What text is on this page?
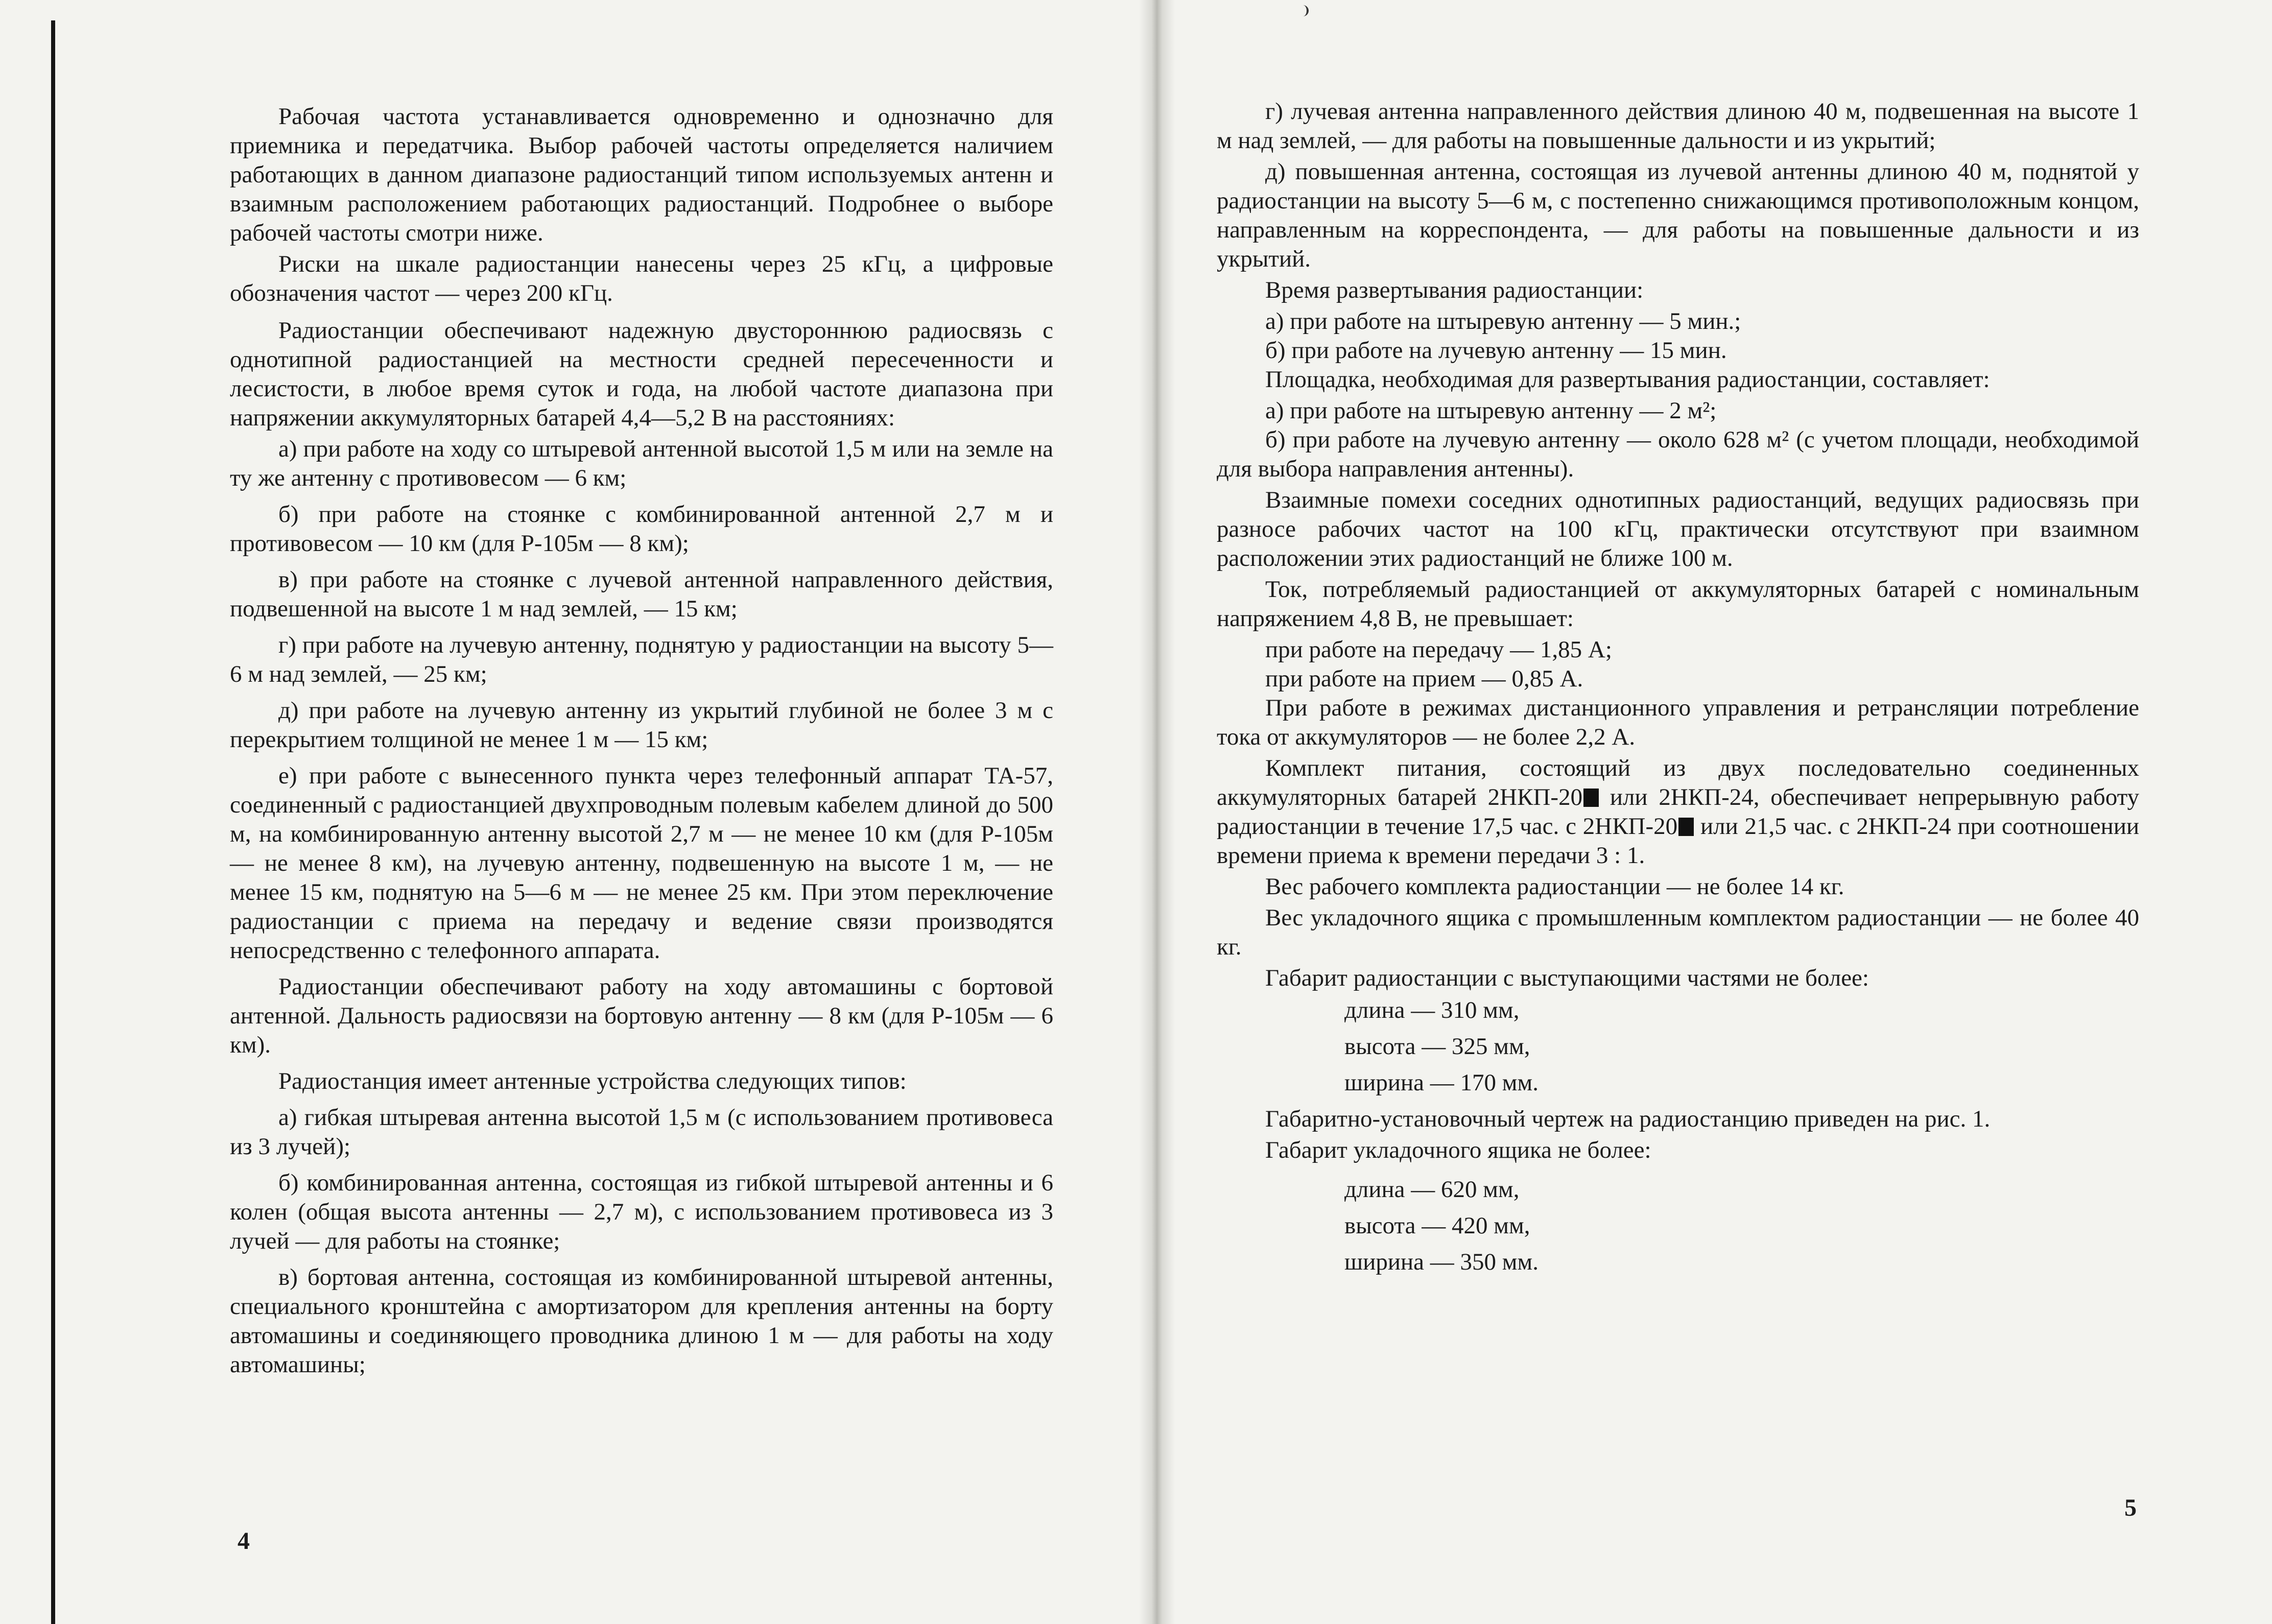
Рабочая частота устанавливается одновременно и однозначно для приемника и передатчика. Выбор рабочей частоты определяется наличием работающих в данном диапазоне радиостанций типом используемых антенн и взаимным расположением работающих радиостанций. Подробнее о выборе рабочей частоты смотри ниже.

Риски на шкале радиостанции нанесены через 25 кГц, а цифровые обозначения частот — через 200 кГц.

Радиостанции обеспечивают надежную двустороннюю радиосвязь с однотипной радиостанцией на местности средней пересеченности и лесистости, в любое время суток и года, на любой частоте диапазона при напряжении аккумуляторных батарей 4,4—5,2 В на расстояниях:

а) при работе на ходу со штыревой антенной высотой 1,5 м или на земле на ту же антенну с противовесом — 6 км;

б) при работе на стоянке с комбинированной антенной 2,7 м и противовесом — 10 км (для Р-105м — 8 км);

в) при работе на стоянке с лучевой антенной направленного действия, подвешенной на высоте 1 м над землей, — 15 км;

г) при работе на лучевую антенну, поднятую у радиостанции на высоту 5—6 м над землей, — 25 км;

д) при работе на лучевую антенну из укрытий глубиной не более 3 м с перекрытием толщиной не менее 1 м — 15 км;

е) при работе с вынесенного пункта через телефонный аппарат ТА-57, соединенный с радиостанцией двухпроводным полевым кабелем длиной до 500 м, на комбинированную антенну высотой 2,7 м — не менее 10 км (для Р-105м — не менее 8 км), на лучевую антенну, подвешенную на высоте 1 м, — не менее 15 км, поднятую на 5—6 м — не менее 25 км. При этом переключение радиостанции с приема на передачу и ведение связи производятся непосредственно с телефонного аппарата.

Радиостанции обеспечивают работу на ходу автомашины с бортовой антенной. Дальность радиосвязи на бортовую антенну — 8 км (для Р-105м — 6 км).

Радиостанция имеет антенные устройства следующих типов:

а) гибкая штыревая антенна высотой 1,5 м (с использованием противовеса из 3 лучей);

б) комбинированная антенна, состоящая из гибкой штыревой антенны и 6 колен (общая высота антенны — 2,7 м), с использованием противовеса из 3 лучей — для работы на стоянке;

в) бортовая антенна, состоящая из комбинированной штыревой антенны, специального кронштейна с амортизатором для крепления антенны на борту автомашины и соединяющего проводника длиною 1 м — для работы на ходу автомашины;

г) лучевая антенна направленного действия длиною 40 м, подвешенная на высоте 1 м над землей, — для работы на повышенные дальности и из укрытий;

д) повышенная антенна, состоящая из лучевой антенны длиною 40 м, поднятой у радиостанции на высоту 5—6 м, с постепенно снижающимся противоположным концом, направленным на корреспондента, — для работы на повышенные дальности и из укрытий.

Время развертывания радиостанции:

а) при работе на штыревую антенну — 5 мин.;

б) при работе на лучевую антенну — 15 мин.

Площадка, необходимая для развертывания радиостанции, составляет:

а) при работе на штыревую антенну — 2 м²;

б) при работе на лучевую антенну — около 628 м² (с учетом площади, необходимой для выбора направления антенны).

Взаимные помехи соседних однотипных радиостанций, ведущих радиосвязь при разносе рабочих частот на 100 кГц, практически отсутствуют при взаимном расположении этих радиостанций не ближе 100 м.

Ток, потребляемый радиостанцией от аккумуляторных батарей с номинальным напряжением 4,8 В, не превышает:

при работе на передачу — 1,85 А;

при работе на прием — 0,85 А.

При работе в режимах дистанционного управления и ретрансляции потребление тока от аккумуляторов — не более 2,2 А.

Комплект питания, состоящий из двух последовательно соединенных аккумуляторных батарей 2НКП-20 или 2НКП-24, обеспечивает непрерывную работу радиостанции в течение 17,5 час. с 2НКП-20 или 21,5 час. с 2НКП-24 при соотношении времени приема к времени передачи 3 : 1.

Вес рабочего комплекта радиостанции — не более 14 кг.

Вес укладочного ящика с промышленным комплектом радиостанции — не более 40 кг.

Габарит радиостанции с выступающими частями не более:

длина — 310 мм,

высота — 325 мм,

ширина — 170 мм.

Габаритно-установочный чертеж на радиостанцию приведен на рис. 1.

Габарит укладочного ящика не более:

длина — 620 мм,

высота — 420 мм,

ширина — 350 мм.

4
5
